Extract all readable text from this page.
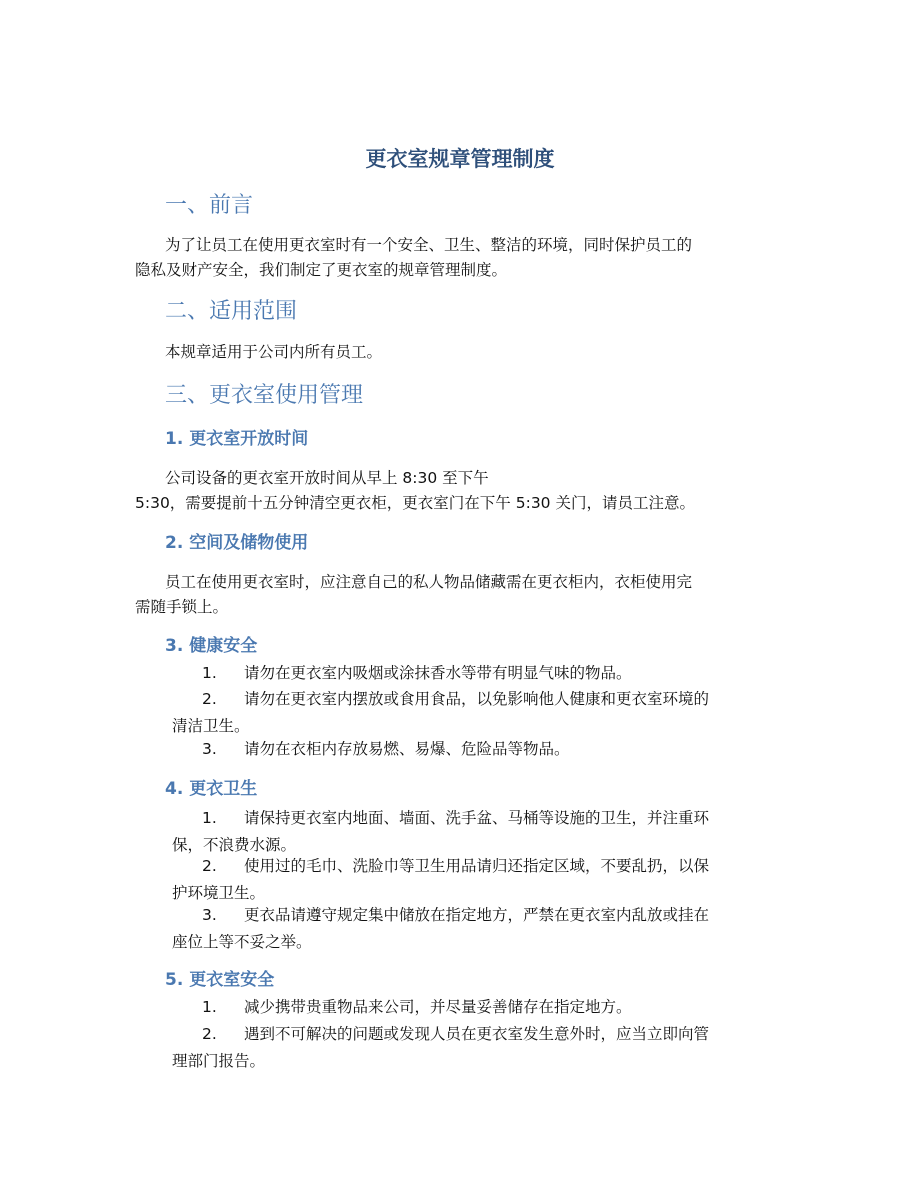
更衣室规章管理制度
一、前言

为了让员工在使用更衣室时有一个安全、卫生、整洁的环境，同时保护员工的

隐私及财产安全，我们制定了更衣室的规章管理制度。

二、适用范围

本规章适用于公司内所有员工。

三、更衣室使用管理
1. 更衣室开放时间

公司设备的更衣室开放时间从早上 8:30 至下午

5:30，需要提前十五分钟清空更衣柜，更衣室门在下午 5:30 关门，请员工注意。

2. 空间及储物使用

员工在使用更衣室时，应注意自己的私人物品储藏需在更衣柜内，衣柜使用完

需随手锁上。

3. 健康安全
1.	请勿在更衣室内吸烟或涂抹香水等带有明显气味的物品。
2.	请勿在更衣室内摆放或食用食品，以免影响他人健康和更衣室环境的
清洁卫生。
3.	请勿在衣柜内存放易燃、易爆、危险品等物品。
4. 更衣卫生
1.	请保持更衣室内地面、墙面、洗手盆、马桶等设施的卫生，并注重环
保，不浪费水源。
2.	使用过的毛巾、洗脸巾等卫生用品请归还指定区域，不要乱扔，以保
护环境卫生。
3.	更衣品请遵守规定集中储放在指定地方，严禁在更衣室内乱放或挂在
座位上等不妥之举。
5. 更衣室安全
1.	减少携带贵重物品来公司，并尽量妥善储存在指定地方。
2.	遇到不可解决的问题或发现人员在更衣室发生意外时，应当立即向管
理部门报告。
